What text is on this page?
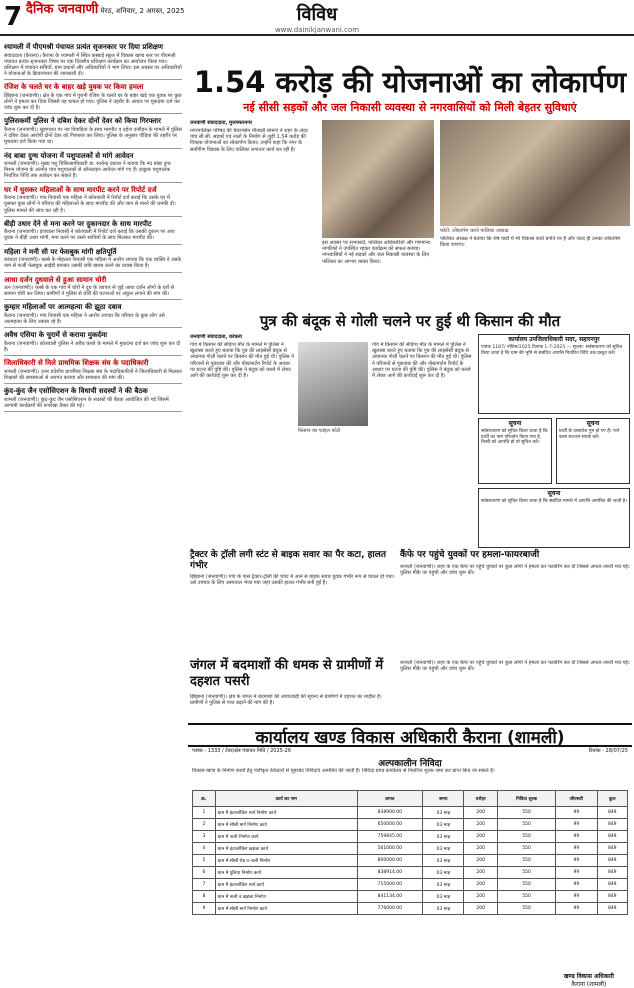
7 दैनिक जनवाणी मेरठ, शनिवार, 2 अगस्त, 2025	विविध
www.dainikjanwani.com
श्यामली में पीएमश्री पंचायत प्रत्यंत सृजनकार पर दिया प्रशिक्षण

संवाददाता (कैराना)। कैराना के श्यामली में स्थित कस्बाई स्कूल में विकास खण्ड स्तर पर पीएमश्री पंचायत प्रत्यंत सृजनकार विषय पर एक दिवसीय प्रशिक्षण कार्यक्रम का आयोजन किया गया। प्रशिक्षण में पंचायत सचिवों, ग्राम प्रधानों और अधिकारियों ने भाग लिया। इस अवसर पर अधिकारियों ने योजनाओं के क्रियान्वयन की जानकारी दी।

रंजिश के चलते घर के बाहर खड़े युवक पर किया हमला

झिंझाना (जनवाणी)। क्षेत्र के एक गांव में पुरानी रंजिश के चलते घर के बाहर खड़े एक युवक पर कुछ लोगों ने हमला कर दिया जिससे वह घायल हो गया। पुलिस ने तहरीर के आधार पर मुकदमा दर्ज कर जांच शुरू कर दी है।

पुलिसकर्मी पुलिस ने दबिश देकर दोनों देवर को किया गिरफ्तार

कैराना (जनवाणी)। सुहागरात पर नव विवाहिता के साथ मारपीट व दहेज उत्पीड़न के मामले में पुलिस ने दबिश देकर आरोपी दोनों देवर को गिरफ्तार कर लिया। पुलिस के अनुसार पीड़िता की तहरीर पर मुकदमा दर्ज किया गया था।

नंद बाबा दुग्ध योजना में पशुपालकों से मांगे आवेदन

शामली (जनवाणी)। मुख्य पशु चिकित्साधिकारी डा. सत्येन्द्र प्रकाश ने बताया कि नंद बाबा दुग्ध मिशन योजना के अंतर्गत पात्र पशुपालकों से ऑनलाइन आवेदन मांगे गए हैं। इच्छुक पशुपालक निर्धारित तिथि तक आवेदन कर सकते हैं।

घर में घुसकर महिलाओं के साथ मारपीट करने पर रिपोर्ट दर्ज

कैराना (जनवाणी)। गांव निवासी एक महिला ने कोतवाली में रिपोर्ट दर्ज कराई कि उसके घर में घुसकर कुछ लोगों ने परिवार की महिलाओं के साथ मारपीट की और जान से मारने की धमकी दी। पुलिस मामले की जांच कर रही है।

बीड़ी उधार देने से मना करने पर दुकानदार के साथ मारपीट

कैराना (जनवाणी)। इंजवाला निवासी ने कोतवाली में रिपोर्ट दर्ज कराई कि उसकी दुकान पर आए युवक ने बीड़ी उधार मांगी, मना करने पर उसने साथियों के साथ मिलकर मारपीट की।

महिला ने मनी सी पर फेसबुक मांगी क्षतिपूर्ति

कांधला (जनवाणी)। कस्बे के मोहल्ला निवासी एक महिला ने आरोप लगाया कि एक व्यक्ति ने उसके नाम से फर्जी फेसबुक आईडी बनाकर उसकी छवि खराब करने का प्रयास किया है।

आधा दर्जन दुधवाले से हुआ सामान चोरी

ऊन (जनवाणी)। कस्बे के एक गांव में चोरों ने दूध के व्यापार से जुड़े आधा दर्जन लोगों के घरों से सामान चोरी कर लिया। ग्रामीणों ने पुलिस से चोरी की घटनाओं पर अंकुश लगाने की मांग की।

कुम्हार महिलाओं पर आत्महत्या की झूठा दबाव

कैराना (जनवाणी)। गांव निवासी एक महिला ने आरोप लगाया कि परिवार के कुछ लोग उसे आत्महत्या के लिए उकसा रहे हैं।

अवैध एसिया के चुरामें से कराया मुकर्दमा

कैराना (जनवाणी)। कोतवाली पुलिस ने अवैध कब्जे के मामले में मुकदमा दर्ज कर जांच शुरू कर दी है।

जिलाधिकारी से मिले प्राथमिक शिक्षक संघ के पदाधिकारी

शामली (जनवाणी)। उत्तर प्रदेशीय प्राथमिक शिक्षक संघ के पदाधिकारियों ने जिलाधिकारी से मिलकर शिक्षकों की समस्याओं से अवगत कराया और समाधान की मांग की।

कुंद-कुंद जैन एसोसिएशन के विधायी सदस्यों ने की बैठक

शामली (जनवाणी)। कुंद-कुंद जैन एसोसिएशन के सदस्यों की बैठक आयोजित की गई जिसमें आगामी कार्यक्रमों की रूपरेखा तैयार की गई।

1.54 करोड़ की योजनाओं का लोकार्पण
नई सीसी सड़कों और जल निकासी व्यवस्था से नगरवासियों को मिली बेहतर सुविधाएं
जनवाणी संवाददाता, मुजफ्फरनगर
नगरपालिका परिषद की चेयरपर्सन मीनाक्षी स्वरूप ने शहर के अंदर पांच सी.सी. सड़कों एवं नालों के निर्माण से जुड़ी 1.54 करोड़ की विकास योजनाओं का लोकार्पण किया। उन्होंने कहा कि नगर के सर्वांगीण विकास के लिए पालिका लगातार कार्य कर रही है।
इस अवसर पर सभासदों, पालिका अधिकारियों और गणमान्य नागरिकों ने उपस्थित रहकर कार्यक्रम को सफल बनाया। नगरवासियों ने नई सड़कों और जल निकासी व्यवस्था के लिए पालिका का आभार व्यक्त किया।
फोटो: लोकार्पण करते पालिका अध्यक्ष
पालिका अध्यक्ष ने बताया कि शेष वार्डों में भी विकास कार्य प्रगति पर हैं और जल्द ही उनका लोकार्पण किया जाएगा।
पुत्र की बंदूक से गोली चलने पर हुई थी किसान की मौत
जनवाणी संवाददाता, कांधला
गांव में किसान की संदिग्ध मौत के मामले में पुलिस ने खुलासा करते हुए बताया कि पुत्र की लाइसेंसी बंदूक से अचानक गोली चलने पर किसान की मौत हुई थी। पुलिस ने परिजनों से पूछताछ की और पोस्टमार्टम रिपोर्ट के आधार पर घटना की पुष्टि की। पुलिस ने बंदूक को कब्जे में लेकर आगे की कार्रवाई शुरू कर दी है।
किसान का फाइल फोटो
गांव में किसान की संदिग्ध मौत के मामले में पुलिस ने खुलासा करते हुए बताया कि पुत्र की लाइसेंसी बंदूक से अचानक गोली चलने पर किसान की मौत हुई थी। पुलिस ने परिजनों से पूछताछ की और पोस्टमार्टम रिपोर्ट के आधार पर घटना की पुष्टि की। पुलिस ने बंदूक को कब्जे में लेकर आगे की कार्रवाई शुरू कर दी है।
कार्यालय उपजिलाधिकारी सदर, सहारनपुर
पत्रांक 1187/ नोटिस/2025 दिनांक 1-7-2025 — सूचना: सर्वसाधारण को सूचित किया जाता है कि ग्राम की भूमि से संबंधित आपत्ति निर्धारित तिथि तक प्रस्तुत करें।
सूचना
सर्वसाधारण को सूचित किया जाता है कि प्रार्थी का नाम परिवर्तन किया गया है, किसी को आपत्ति हो तो सूचित करें।
सूचना
प्रार्थी के दस्तावेज गुम हो गए हैं। पाने वाला सज्जन संपर्क करें।
सूचना
सर्वसाधारण को सूचित किया जाता है कि संबंधित मामले में आपत्ति आमंत्रित की जाती है।
ट्रैक्टर के ट्रॉली लगी स्टंट से बाइक सवार का पैर कटा, हालत गंभीर
झिंझाना (जनवाणी)। गांव के पास ट्रैक्टर-ट्रॉली की चपेट में आने से बाइक सवार युवक गंभीर रूप से घायल हो गया। उसे उपचार के लिए अस्पताल भेजा गया जहां उसकी हालत गंभीर बनी हुई है।
कैंफे पर पहुंचे युवकों पर हमला-फायरबाजी
शामली (जनवाणी)। शहर के एक कैफे पर पहुंचे युवकों पर कुछ लोगों ने हमला कर फायरिंग कर दी जिससे अफरा-तफरी मच गई। पुलिस मौके पर पहुंची और जांच शुरू की।
जंगल में बदमाशों की धमक से ग्रामीणों में दहशत पसरी
झिंझाना (जनवाणी)। क्षेत्र के जंगल में बदमाशों की आवाजाही की सूचना से ग्रामीणों में दहशत का माहौल है। ग्रामीणों ने पुलिस से गश्त बढ़ाने की मांग की है।
शामली (जनवाणी)। शहर के एक कैफे पर पहुंचे युवकों पर कुछ लोगों ने हमला कर फायरिंग कर दी जिससे अफरा-तफरी मच गई। पुलिस मौके पर पहुंची और जांच शुरू की।
कार्यालय खण्ड विकास अधिकारी कैराना (शामली)
पत्रांक - 1333 / टेंडर/क्षेत्र पंचायत निधि / 2025-26	दिनांक - 28/07/25
अल्पकालीन निविदा
विकास खण्ड के निर्माण कार्यों हेतु पंजीकृत ठेकेदारों से मुहरबंद निविदाएं आमंत्रित की जाती हैं। निविदा प्रपत्र कार्यालय से निर्धारित शुल्क जमा कर प्राप्त किए जा सकते हैं।
क्र.	कार्य का नाम	लागत	समय	धरोहर	निविदा शुल्क	जीएसटी	कुल
1	ग्राम में इंटरलॉकिंग मार्ग निर्माण कार्य	838900.00	03 माह	200	550	99	849
2	ग्राम में सीसी मार्ग निर्माण कार्य	650000.00	03 माह	200	550	99	849
3	ग्राम में नाली निर्माण कार्य	759845.00	03 माह	200	550	99	849
4	ग्राम में इंटरलॉकिंग खड़ंजा कार्य	561000.00	03 माह	200	550	99	849
5	ग्राम में सीसी रोड व नाली निर्माण	800000.00	03 माह	200	550	99	849
6	ग्राम में पुलिया निर्माण कार्य	838914.00	03 माह	200	550	99	849
7	ग्राम में इंटरलॉकिंग मार्ग कार्य	715000.00	03 माह	200	550	99	849
8	ग्राम में नाली व खड़ंजा निर्माण	841134.00	03 माह	200	550	99	849
9	ग्राम में सीसी मार्ग निर्माण कार्य	776000.00	03 माह	200	550	99	849
खण्ड विकास अधिकारी
कैराना (शामली)
